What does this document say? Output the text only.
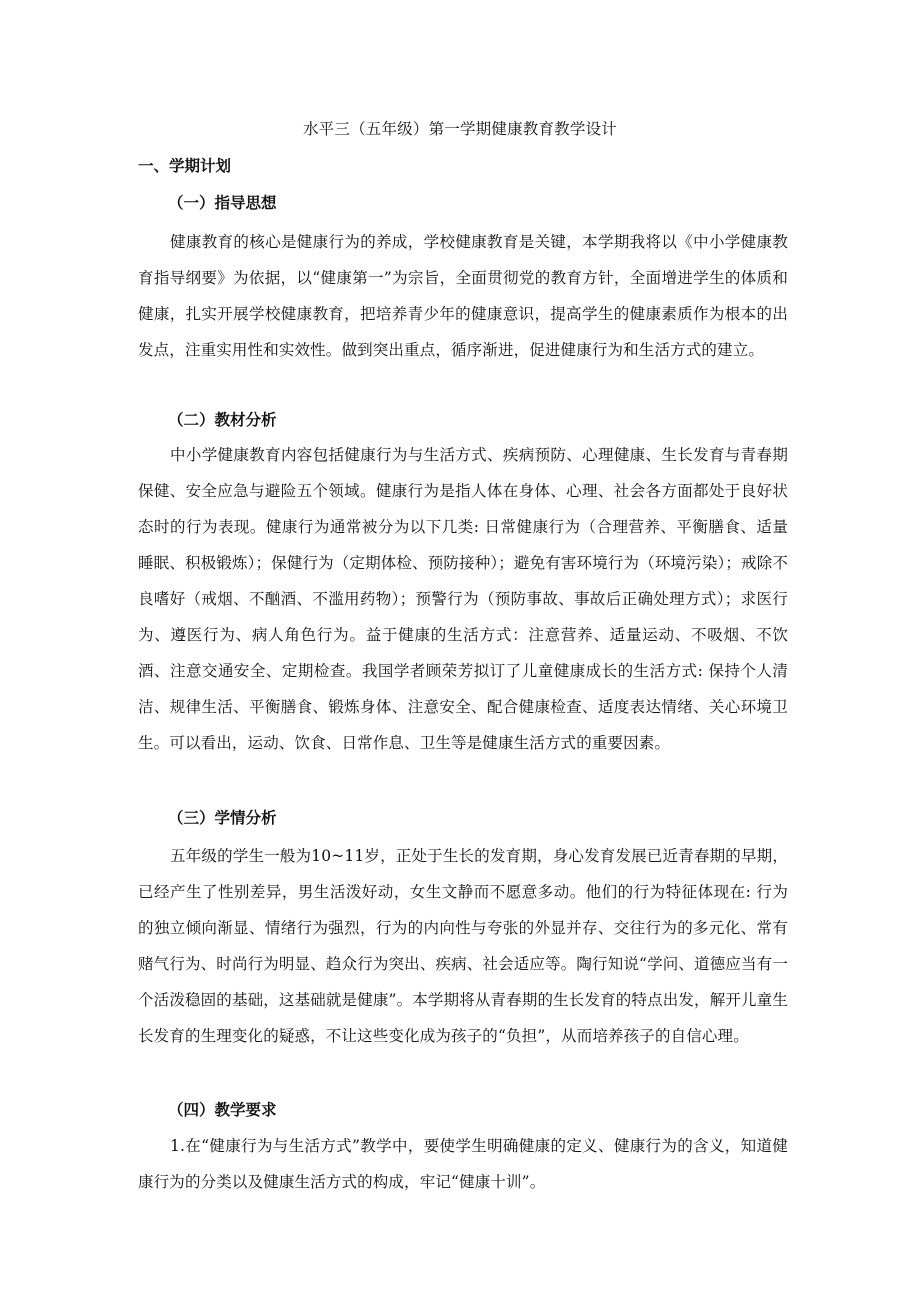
水平三（五年级）第一学期健康教育教学设计
一、学期计划
（一）指导思想
健康教育的核心是健康行为的养成，学校健康教育是关键，本学期我将以《中小学健康教育指导纲要》为依据，以“健康第一”为宗旨，全面贯彻党的教育方针，全面增进学生的体质和健康，扎实开展学校健康教育，把培养青少年的健康意识，提高学生的健康素质作为根本的出发点，注重实用性和实效性。做到突出重点，循序渐进，促进健康行为和生活方式的建立。
（二）教材分析
中小学健康教育内容包括健康行为与生活方式、疾病预防、心理健康、生长发育与青春期保健、安全应急与避险五个领域。健康行为是指人体在身体、心理、社会各方面都处于良好状态时的行为表现。健康行为通常被分为以下几类: 日常健康行为（合理营养、平衡膳食、适量睡眠、积极锻炼）；保健行为（定期体检、预防接种）；避免有害环境行为（环境污染）；戒除不良嗜好（戒烟、不酗酒、不滥用药物）；预警行为（预防事故、事故后正确处理方式）；求医行为、遵医行为、病人角色行为。益于健康的生活方式：注意营养、适量运动、不吸烟、不饮酒、注意交通安全、定期检查。我国学者顾荣芳拟订了儿童健康成长的生活方式: 保持个人清洁、规律生活、平衡膳食、锻炼身体、注意安全、配合健康检查、适度表达情绪、关心环境卫生。可以看出，运动、饮食、日常作息、卫生等是健康生活方式的重要因素。
（三）学情分析
五年级的学生一般为10~11岁，正处于生长的发育期，身心发育发展已近青春期的早期，已经产生了性别差异，男生活泼好动，女生文静而不愿意多动。他们的行为特征体现在: 行为的独立倾向渐显、情绪行为强烈，行为的内向性与夸张的外显并存、交往行为的多元化、常有赌气行为、时尚行为明显、趋众行为突出、疾病、社会适应等。陶行知说“学问、道德应当有一个活泼稳固的基础，这基础就是健康”。本学期将从青春期的生长发育的特点出发，解开儿童生长发育的生理变化的疑惑，不让这些变化成为孩子的“负担”，从而培养孩子的自信心理。
（四）教学要求
1.在“健康行为与生活方式”教学中，要使学生明确健康的定义、健康行为的含义，知道健康行为的分类以及健康生活方式的构成，牢记“健康十训”。
